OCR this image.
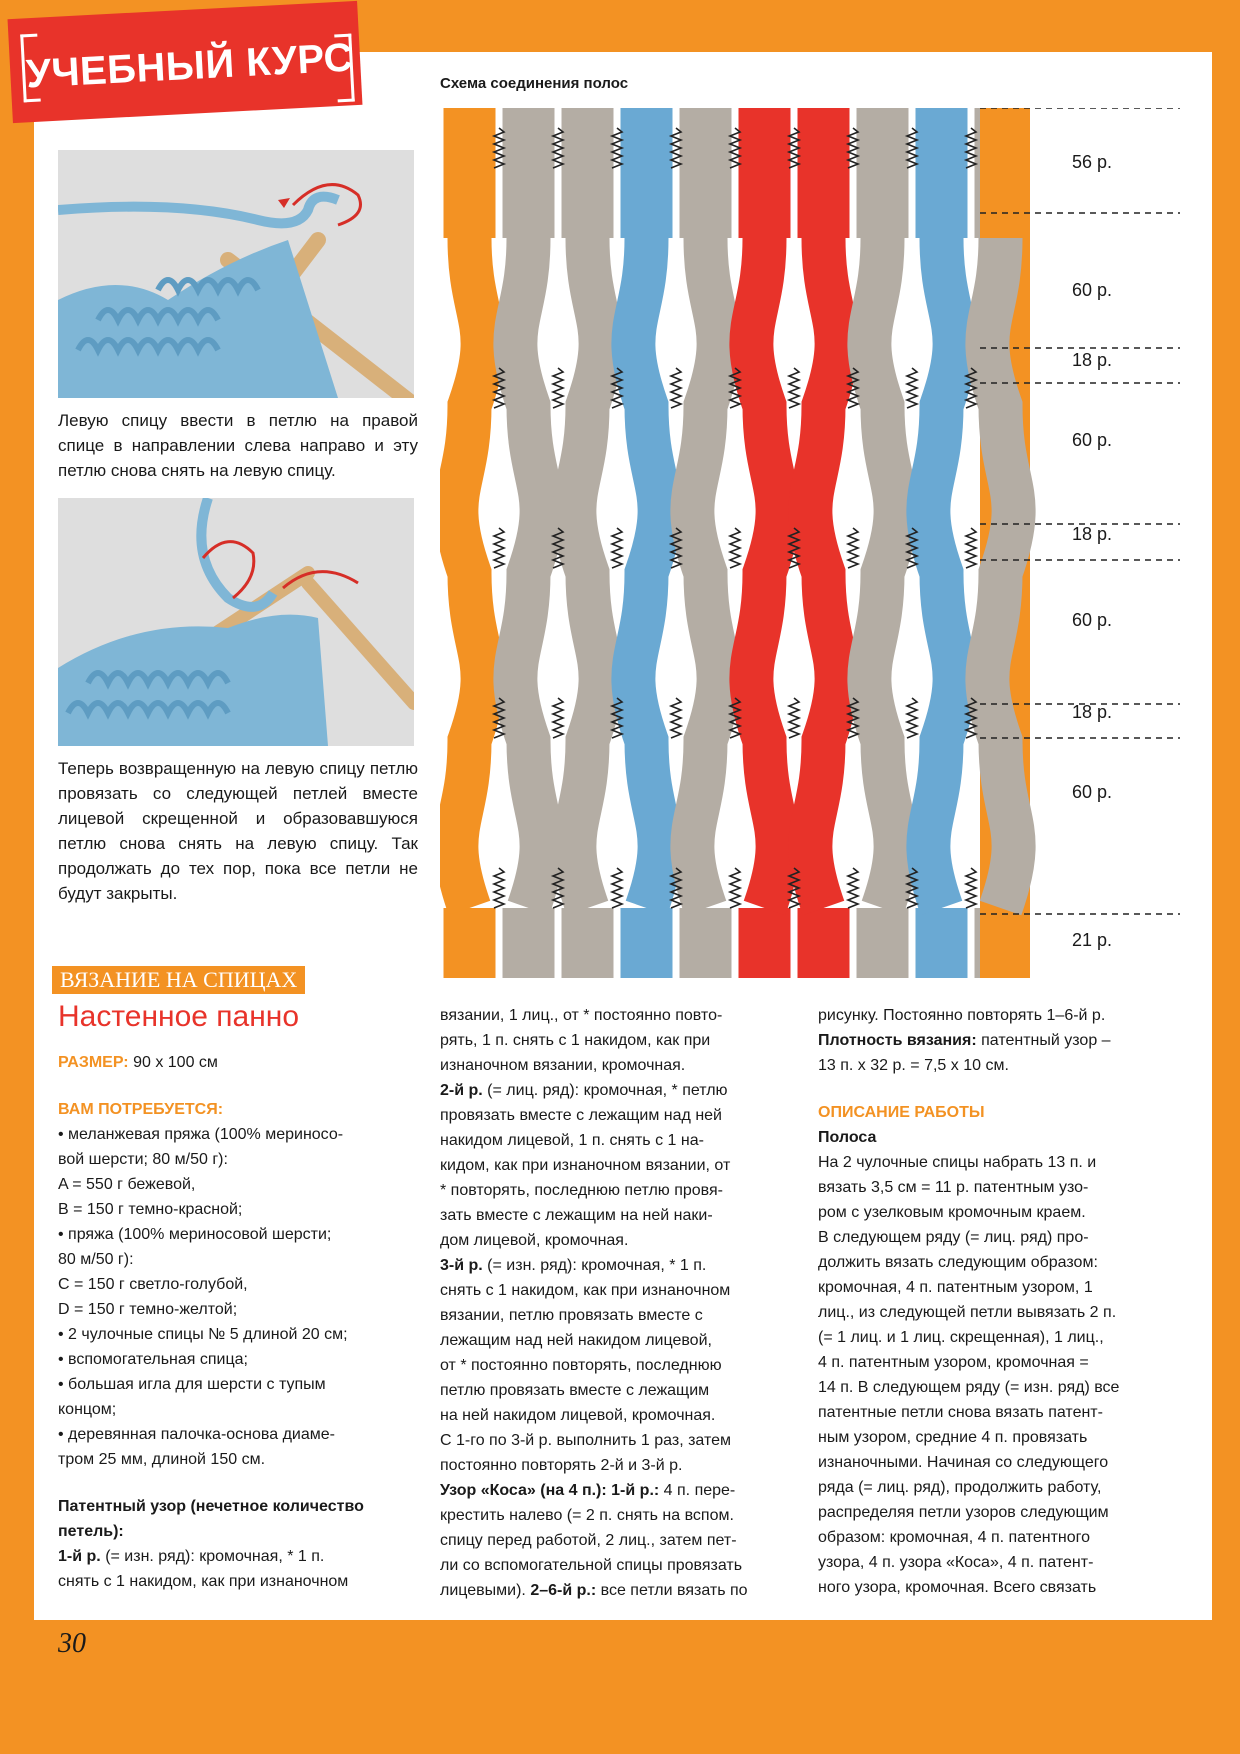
УЧЕБНЫЙ КУРС
Левую спицу ввести в петлю на правой спице в направлении слева направо и эту петлю снова снять на левую спицу.
Теперь возвращенную на левую спицу петлю провязать со следующей петлей вместе лицевой скрещенной и образовавшуюся петлю снова снять на левую спицу. Так продолжать до тех пор, пока все петли не будут закрыты.
Схема соединения полос
56 р.
60 р.
18 р.
60 р.
18 р.
60 р.
18 р.
60 р.
21 р.
ВЯЗАНИЕ НА СПИЦАХ
Настенное панно

РАЗМЕР: 90 x 100 см

ВАМ ПОТРЕБУЕТСЯ:

• меланжевая пряжа (100% мериносо-

вой шерсти; 80 м/50 г):

A = 550 г бежевой,

B = 150 г темно-красной;

• пряжа (100% мериносовой шерсти;

80 м/50 г):

C = 150 г светло-голубой,

D = 150 г темно-желтой;

• 2 чулочные спицы № 5 длиной 20 см;

• вспомогательная спица;

• большая игла для шерсти с тупым

концом;

• деревянная палочка-основа диаме-

тром 25 мм, длиной 150 см.

Патентный узор (нечетное количество петель):

1-й р. (= изн. ряд): кромочная, * 1 п.

снять с 1 накидом, как при изнаночном

вязании, 1 лиц., от * постоянно повто-

рять, 1 п. снять с 1 накидом, как при

изнаночном вязании, кромочная.

2-й р. (= лиц. ряд): кромочная, * петлю

провязать вместе с лежащим над ней

накидом лицевой, 1 п. снять с 1 на-

кидом, как при изнаночном вязании, от

* повторять, последнюю петлю провя-

зать вместе с лежащим на ней наки-

дом лицевой, кромочная.

3-й р. (= изн. ряд): кромочная, * 1 п.

снять с 1 накидом, как при изнаночном

вязании, петлю провязать вместе с

лежащим над ней накидом лицевой,

от * постоянно повторять, последнюю

петлю провязать вместе с лежащим

на ней накидом лицевой, кромочная.

С 1-го по 3-й р. выполнить 1 раз, затем

постоянно повторять 2-й и 3-й р.

Узор «Коса» (на 4 п.): 1-й р.: 4 п. пере-

крестить налево (= 2 п. снять на вспом.

спицу перед работой, 2 лиц., затем пет-

ли со вспомогательной спицы провязать

лицевыми). 2–6-й р.: все петли вязать по

рисунку. Постоянно повторять 1–6-й р.

Плотность вязания: патентный узор –

13 п. x 32 р. = 7,5 x 10 см.

ОПИСАНИЕ РАБОТЫ

Полоса

На 2 чулочные спицы набрать 13 п. и

вязать 3,5 см = 11 р. патентным узо-

ром с узелковым кромочным краем.

В следующем ряду (= лиц. ряд) про-

должить вязать следующим образом:

кромочная, 4 п. патентным узором, 1

лиц., из следующей петли вывязать 2 п.

(= 1 лиц. и 1 лиц. скрещенная), 1 лиц.,

4 п. патентным узором, кромочная =

14 п. В следующем ряду (= изн. ряд) все

патентные петли снова вязать патент-

ным узором, средние 4 п. провязать

изнаночными. Начиная со следующего

ряда (= лиц. ряд), продолжить работу,

распределяя петли узоров следующим

образом: кромочная, 4 п. патентного

узора, 4 п. узора «Коса», 4 п. патент-

ного узора, кромочная. Всего связать

30
